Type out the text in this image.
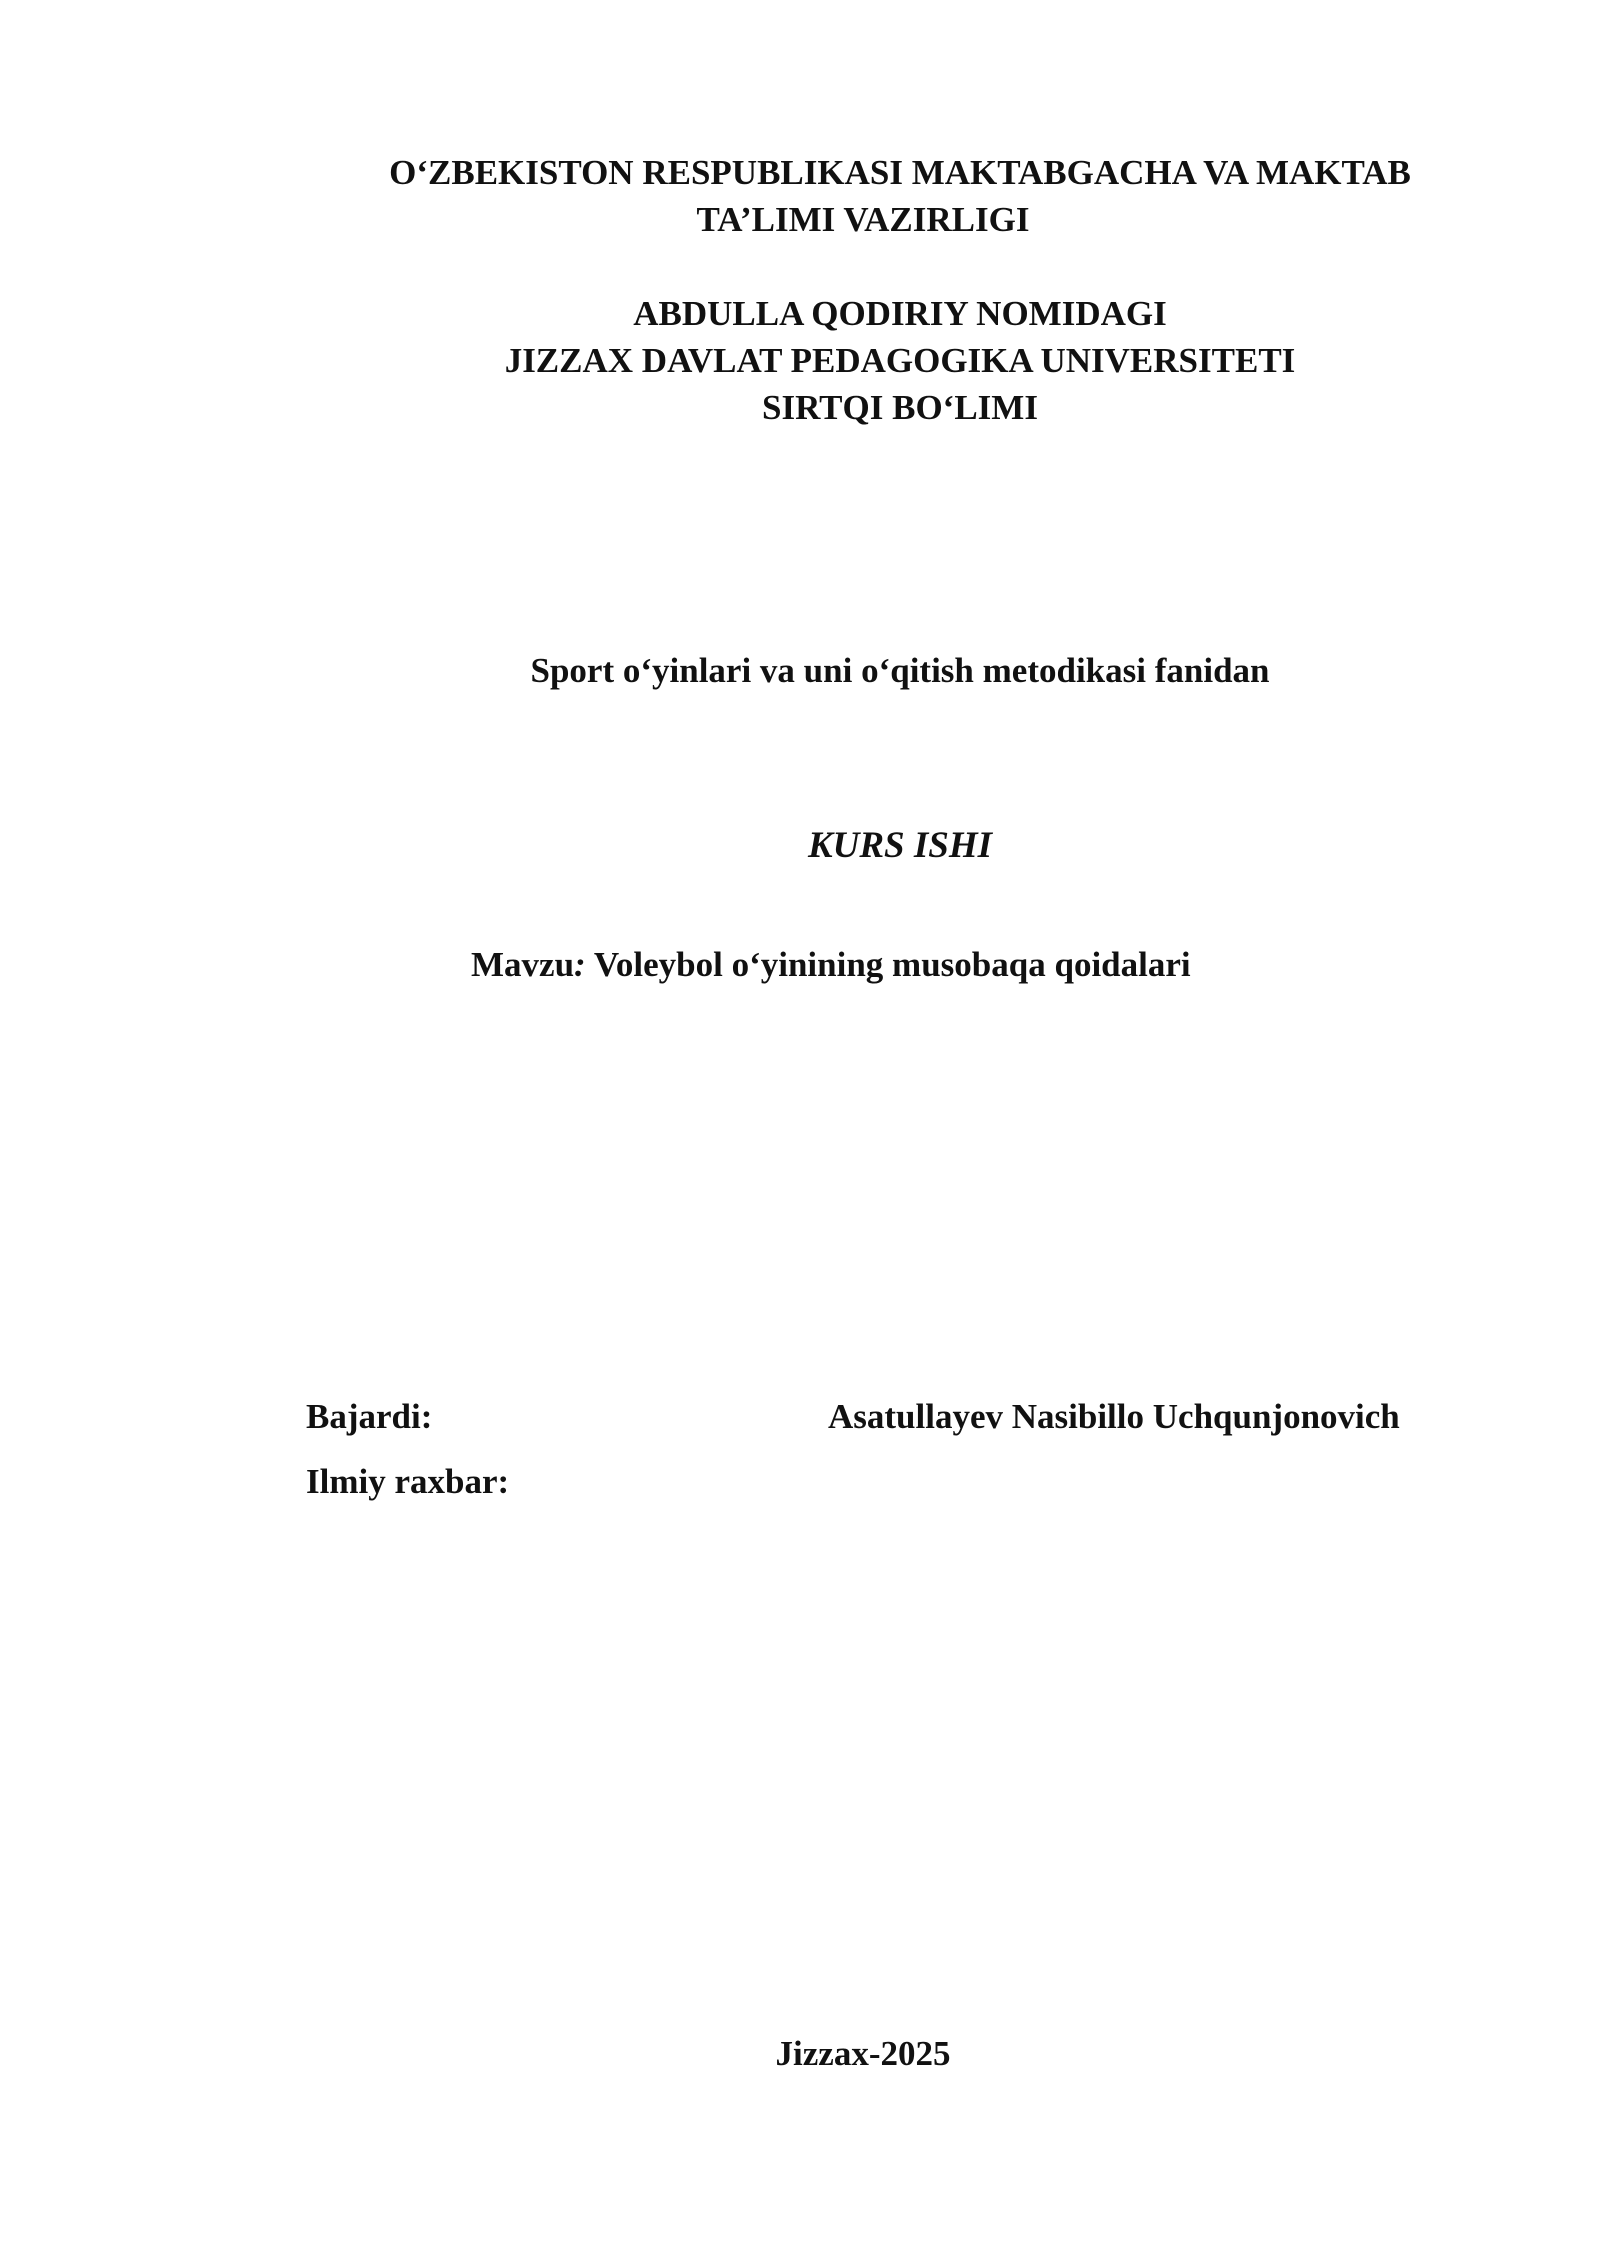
O‘ZBEKISTON RESPUBLIKASI MAKTABGACHA VA MAKTAB
TA’LIMI VAZIRLIGI
ABDULLA QODIRIY NOMIDAGI
JIZZAX DAVLAT PEDAGOGIKA UNIVERSITETI
SIRTQI BO‘LIMI
Sport o‘yinlari va uni o‘qitish metodikasi fanidan
KURS ISHI
Mavzu: Voleybol o‘yinining musobaqa qoidalari
Bajardi:	Asatullayev Nasibillo Uchqunjonovich
Ilmiy raxbar:
Jizzax-2025
